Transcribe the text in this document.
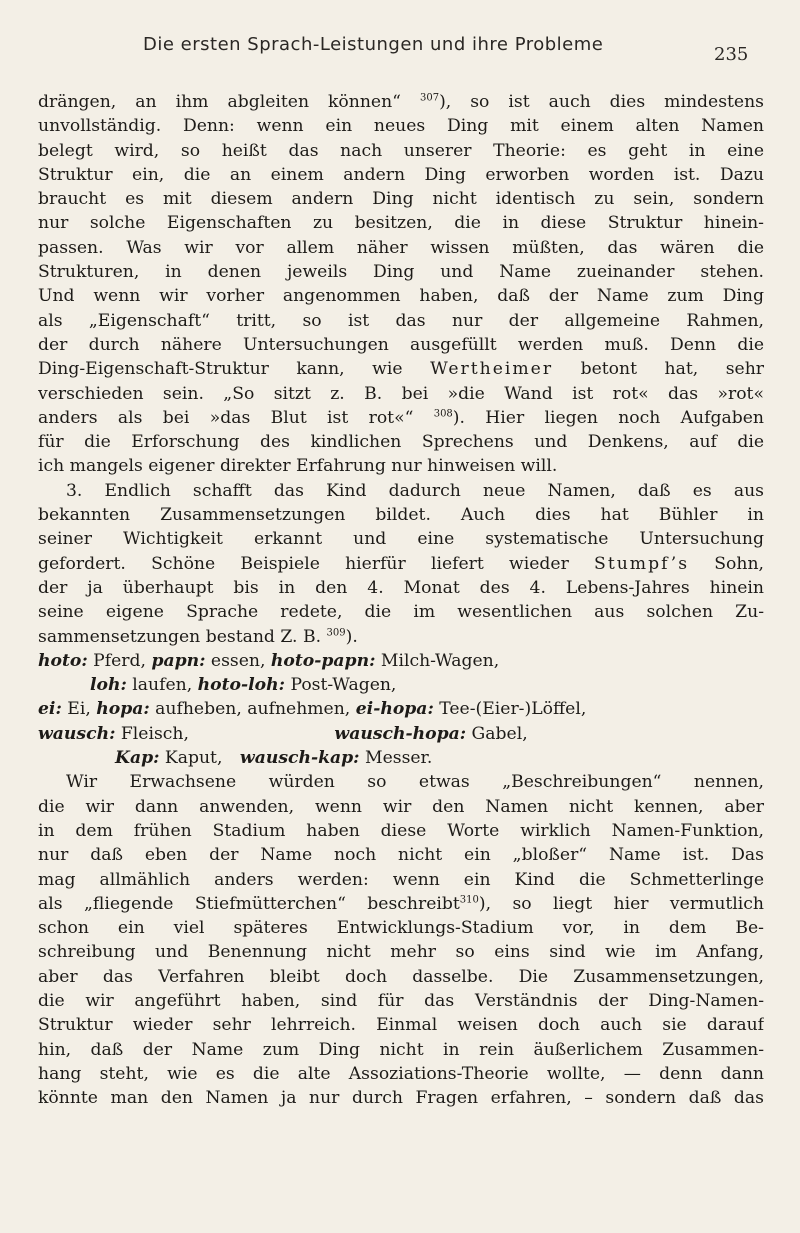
Die ersten Sprach-Leistungen und ihre Probleme	235
drängen, an ihm abgleiten können“ $^{307}$), so ist auch dies mindestens
unvollständig. Denn: wenn ein neues Ding mit einem alten Namen
belegt wird, so heißt das nach unserer Theorie: es geht in eine
Struktur ein, die an einem andern Ding erworben worden ist. Dazu
braucht es mit diesem andern Ding nicht identisch zu sein, sondern
nur solche Eigenschaften zu besitzen, die in diese Struktur hinein-
passen. Was wir vor allem näher wissen müßten, das wären die
Strukturen, in denen jeweils Ding und Name zueinander stehen.
Und wenn wir vorher angenommen haben, daß der Name zum Ding
als „Eigenschaft“ tritt, so ist das nur der allgemeine Rahmen,
der durch nähere Untersuchungen ausgefüllt werden muß. Denn die
Ding-Eigenschaft-Struktur kann, wie Wertheimer betont hat, sehr
verschieden sein. „So sitzt z. B. bei »die Wand ist rot« das »rot«
anders als bei »das Blut ist rot«“ $^{308}$). Hier liegen noch Aufgaben
für die Erforschung des kindlichen Sprechens und Denkens, auf die
ich mangels eigener direkter Erfahrung nur hinweisen will.
3. Endlich schafft das Kind dadurch neue Namen, daß es aus
bekannten Zusammensetzungen bildet. Auch dies hat Bühler in
seiner Wichtigkeit erkannt und eine systematische Untersuchung
gefordert. Schöne Beispiele hierfür liefert wieder Stumpf’s Sohn,
der ja überhaupt bis in den 4. Monat des 4. Lebens-Jahres hinein
seine eigene Sprache redete, die im wesentlichen aus solchen Zu-
sammensetzungen bestand Z. B. $^{309}$).
hoto: Pferd, papn: essen, hoto-papn: Milch-Wagen,
loh: laufen, hoto-loh: Post-Wagen,
ei: Ei, hopa: aufheben, aufnehmen, ei-hopa: Tee-(Eier-)Löffel,
wausch: Fleisch,	wausch-hopa: Gabel,
Kap: Kaput, wausch-kap: Messer.
Wir Erwachsene würden so etwas „Beschreibungen“ nennen,
die wir dann anwenden, wenn wir den Namen nicht kennen, aber
in dem frühen Stadium haben diese Worte wirklich Namen-Funktion,
nur daß eben der Name noch nicht ein „bloßer“ Name ist. Das
mag allmählich anders werden: wenn ein Kind die Schmetterlinge
als „fliegende Stiefmütterchen“ beschreibt$^{310}$), so liegt hier vermutlich
schon ein viel späteres Entwicklungs-Stadium vor, in dem Be-
schreibung und Benennung nicht mehr so eins sind wie im Anfang,
aber das Verfahren bleibt doch dasselbe. Die Zusammensetzungen,
die wir angeführt haben, sind für das Verständnis der Ding-Namen-
Struktur wieder sehr lehrreich. Einmal weisen doch auch sie darauf
hin, daß der Name zum Ding nicht in rein äußerlichem Zusammen-
hang steht, wie es die alte Assoziations-Theorie wollte, — denn dann
könnte man den Namen ja nur durch Fragen erfahren, – sondern daß das
